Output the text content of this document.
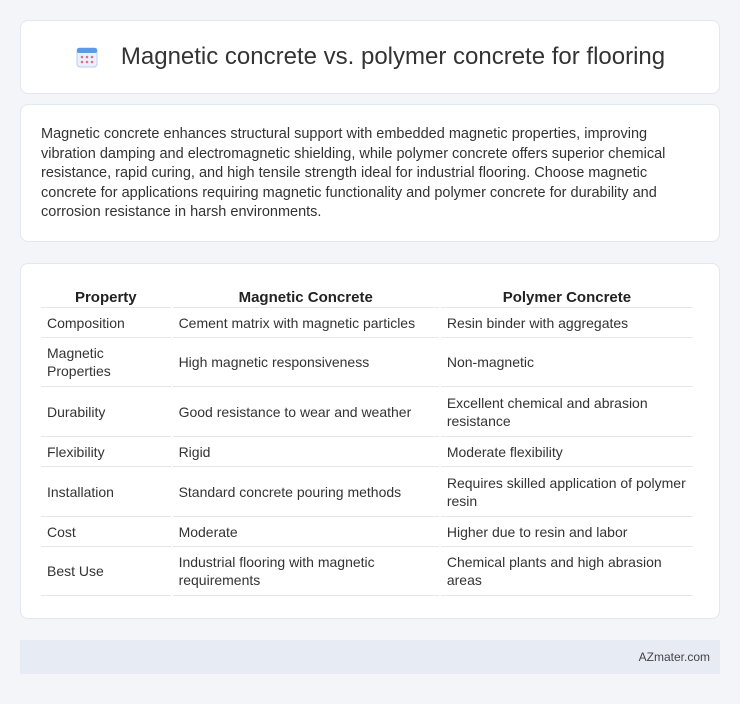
Magnetic concrete vs. polymer concrete for flooring

Magnetic concrete enhances structural support with embedded magnetic properties, improving vibration damping and electromagnetic shielding, while polymer concrete offers superior chemical resistance, rapid curing, and high tensile strength ideal for industrial flooring. Choose magnetic concrete for applications requiring magnetic functionality and polymer concrete for durability and corrosion resistance in harsh environments.

Property	Magnetic Concrete	Polymer Concrete
Composition	Cement matrix with magnetic particles	Resin binder with aggregates
Magnetic Properties	High magnetic responsiveness	Non-magnetic
Durability	Good resistance to wear and weather	Excellent chemical and abrasion resistance
Flexibility	Rigid	Moderate flexibility
Installation	Standard concrete pouring methods	Requires skilled application of polymer resin
Cost	Moderate	Higher due to resin and labor
Best Use	Industrial flooring with magnetic requirements	Chemical plants and high abrasion areas
AZmater.com
